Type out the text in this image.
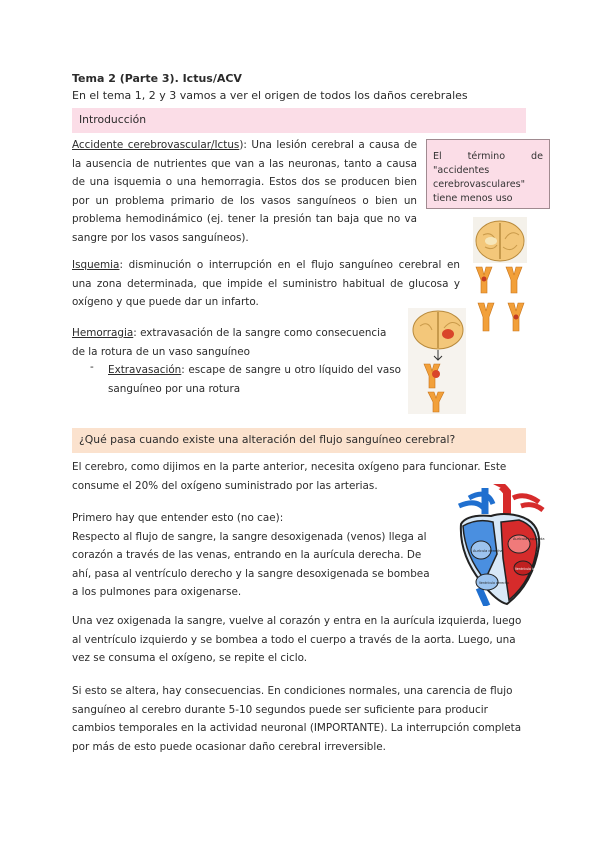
Tema 2 (Parte 3). Ictus/ACV
En el tema 1, 2 y 3 vamos a ver el origen de todos los daños cerebrales
Introducción
Accidente cerebrovascular/Ictus): Una lesión cerebral a causa de la ausencia de nutrientes que van a las neuronas, tanto a causa de una isquemia o una hemorragia. Estos dos se producen bien por un problema primario de los vasos sanguíneos o bien un problema hemodinámico (ej. tener la presión tan baja que no va sangre por los vasos sanguíneos).
El término de "accidentes cerebrovasculares" tiene menos uso
Isquemia: disminución o interrupción en el flujo sanguíneo cerebral en una zona determinada, que impide el suministro habitual de glucosa y oxígeno y que puede dar un infarto.
Hemorragia: extravasación de la sangre como consecuencia de la rotura de un vaso sanguíneo
- Extravasación: escape de sangre u otro líquido del vaso sanguíneo por una rotura
¿Qué pasa cuando existe una alteración del flujo sanguíneo cerebral?
El cerebro, como dijimos en la parte anterior, necesita oxígeno para funcionar. Este consume el 20% del oxígeno suministrado por las arterias.
Primero hay que entender esto (no cae):
Respecto al flujo de sangre, la sangre desoxigenada (venos) llega al corazón a través de las venas, entrando en la aurícula derecha. De ahí, pasa al ventrículo derecho y la sangre desoxigenada se bombea a los pulmones para oxigenarse.
Aurícula izquierda
Aurícula derecha
Ventrículo derecho
Ventrículo izquierdo
Una vez oxigenada la sangre, vuelve al corazón y entra en la aurícula izquierda, luego al ventrículo izquierdo y se bombea a todo el cuerpo a través de la aorta. Luego, una vez se consuma el oxígeno, se repite el ciclo.
Si esto se altera, hay consecuencias. En condiciones normales, una carencia de flujo sanguíneo al cerebro durante 5-10 segundos puede ser suficiente para producir cambios temporales en la actividad neuronal (IMPORTANTE). La interrupción completa por más de esto puede ocasionar daño cerebral irreversible.
